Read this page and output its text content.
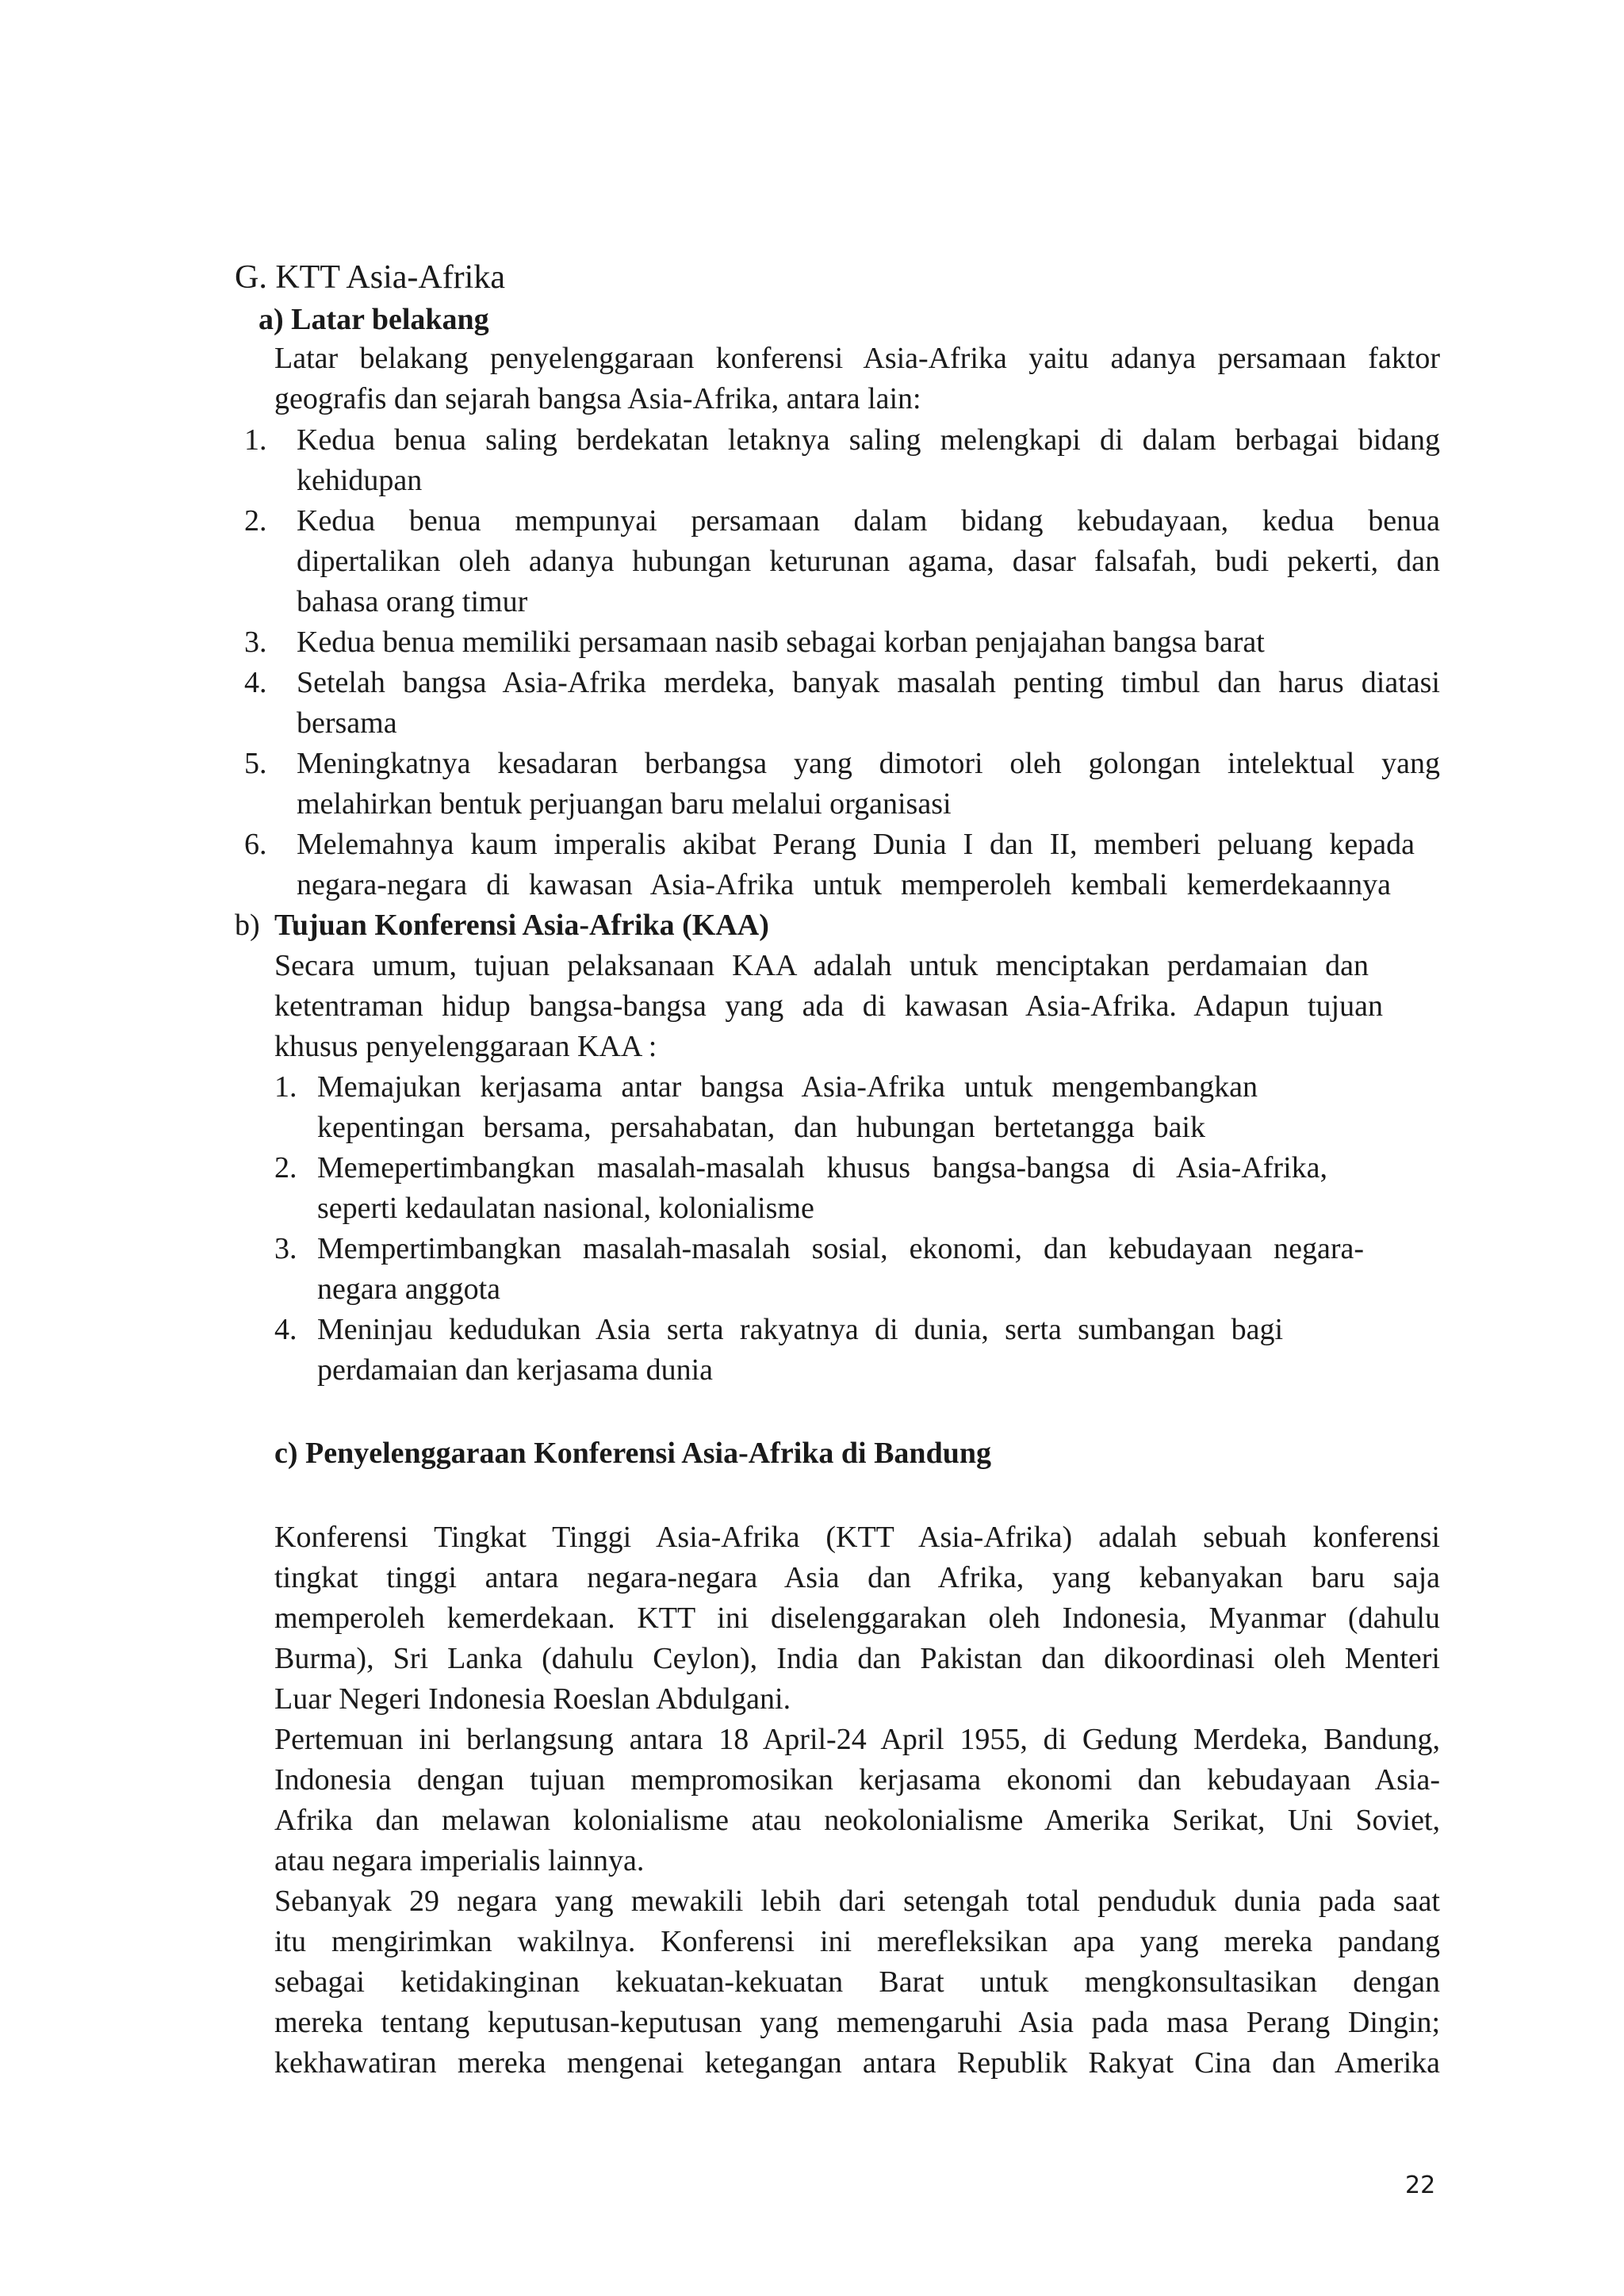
G. KTT Asia-Afrika
a) Latar belakang
Latar belakang penyelenggaraan konferensi Asia-Afrika yaitu adanya persamaan faktor
geografis dan sejarah bangsa Asia-Afrika, antara lain:
1. Kedua benua saling berdekatan letaknya saling melengkapi di dalam berbagai bidang
kehidupan
2. Kedua benua mempunyai persamaan dalam bidang kebudayaan, kedua benua
dipertalikan oleh adanya hubungan keturunan agama, dasar falsafah, budi pekerti, dan
bahasa orang timur
3. Kedua benua memiliki persamaan nasib sebagai korban penjajahan bangsa barat
4. Setelah bangsa Asia-Afrika merdeka, banyak masalah penting timbul dan harus diatasi
bersama
5. Meningkatnya kesadaran berbangsa yang dimotori oleh golongan intelektual yang
melahirkan bentuk perjuangan baru melalui organisasi
6. Melemahnya kaum imperalis akibat Perang Dunia I dan II, memberi peluang kepada
negara-negara di kawasan Asia-Afrika untuk memperoleh kembali kemerdekaannya
b) Tujuan Konferensi Asia-Afrika (KAA)
Secara umum, tujuan pelaksanaan KAA adalah untuk menciptakan perdamaian dan
ketentraman hidup bangsa-bangsa yang ada di kawasan Asia-Afrika. Adapun tujuan
khusus penyelenggaraan KAA :
1. Memajukan kerjasama antar bangsa Asia-Afrika untuk mengembangkan
kepentingan bersama, persahabatan, dan hubungan bertetangga baik
2. Memepertimbangkan masalah-masalah khusus bangsa-bangsa di Asia-Afrika,
seperti kedaulatan nasional, kolonialisme
3. Mempertimbangkan masalah-masalah sosial, ekonomi, dan kebudayaan negara-
negara anggota
4. Meninjau kedudukan Asia serta rakyatnya di dunia, serta sumbangan bagi
perdamaian dan kerjasama dunia
c) Penyelenggaraan Konferensi Asia-Afrika di Bandung
Konferensi Tingkat Tinggi Asia-Afrika (KTT Asia-Afrika) adalah sebuah konferensi
tingkat tinggi antara negara-negara Asia dan Afrika, yang kebanyakan baru saja
memperoleh kemerdekaan. KTT ini diselenggarakan oleh Indonesia, Myanmar (dahulu
Burma), Sri Lanka (dahulu Ceylon), India dan Pakistan dan dikoordinasi oleh Menteri
Luar Negeri Indonesia Roeslan Abdulgani.
Pertemuan ini berlangsung antara 18 April-24 April 1955, di Gedung Merdeka, Bandung,
Indonesia dengan tujuan mempromosikan kerjasama ekonomi dan kebudayaan Asia-
Afrika dan melawan kolonialisme atau neokolonialisme Amerika Serikat, Uni Soviet,
atau negara imperialis lainnya.
Sebanyak 29 negara yang mewakili lebih dari setengah total penduduk dunia pada saat
itu mengirimkan wakilnya. Konferensi ini merefleksikan apa yang mereka pandang
sebagai ketidakinginan kekuatan-kekuatan Barat untuk mengkonsultasikan dengan
mereka tentang keputusan-keputusan yang memengaruhi Asia pada masa Perang Dingin;
kekhawatiran mereka mengenai ketegangan antara Republik Rakyat Cina dan Amerika
22
